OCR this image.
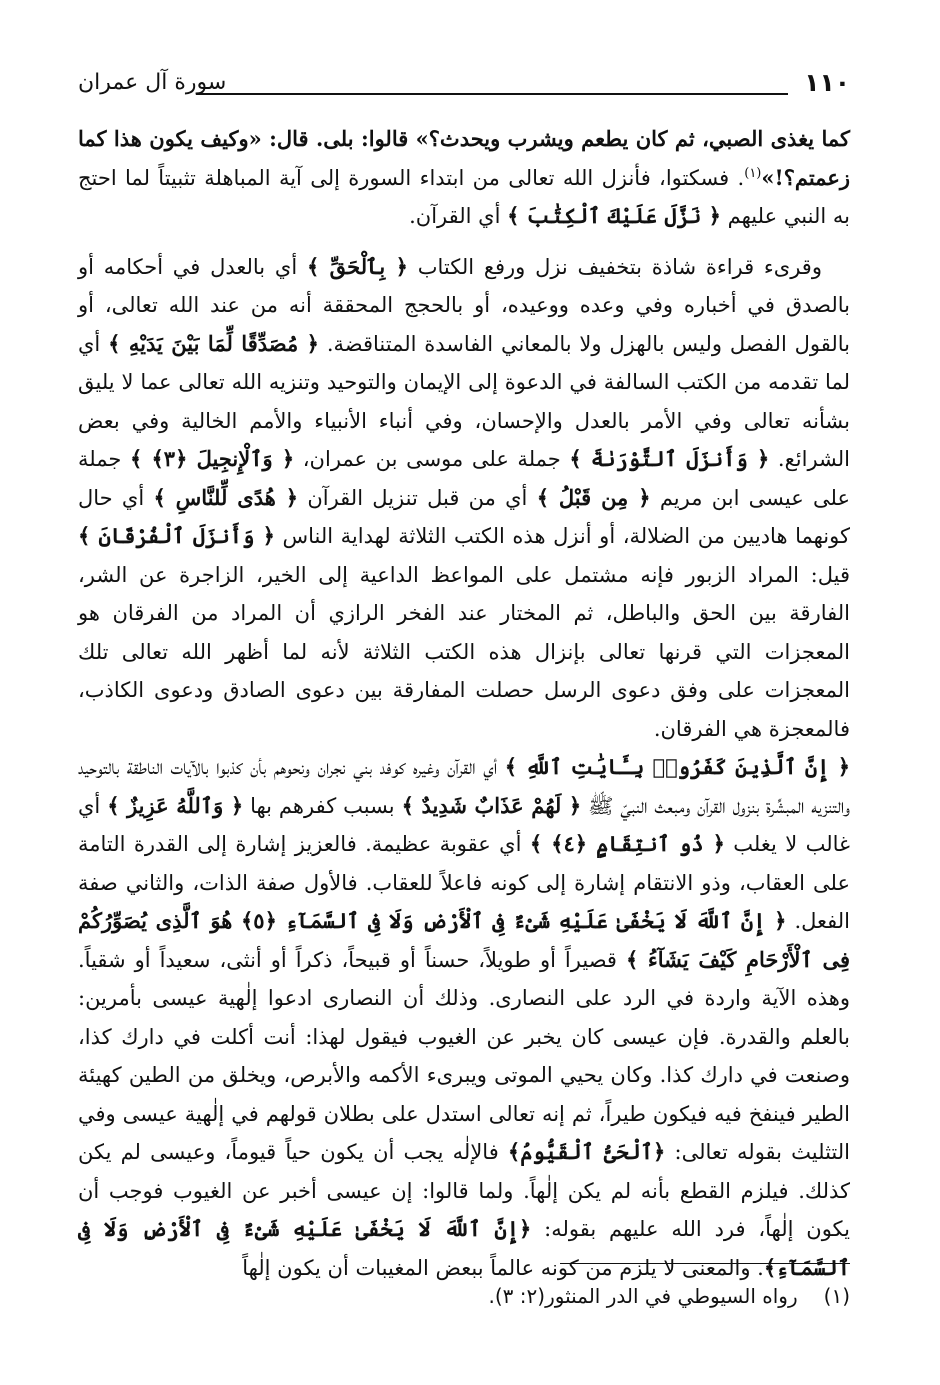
١١٠
سورة آل عمران

كما يغذى الصبي، ثم كان يطعم ويشرب ويحدث؟» قالوا: بلى. قال: «وكيف يكون هذا كما زعمتم؟!»$^{(١)}$. فسكتوا، فأنزل الله تعالى من ابتداء السورة إلى آية المباهلة تثبيتاً لما احتج به النبي عليهم ﴿ نَزَّلَ عَلَيْكَ ٱلْكِتَٰبَ ﴾ أي القرآن.

وقرىء قراءة شاذة بتخفيف نزل ورفع الكتاب ﴿ بِٱلْحَقِّ ﴾ أي بالعدل في أحكامه أو بالصدق في أخباره وفي وعده ووعيده، أو بالحجج المحققة أنه من عند الله تعالى، أو بالقول الفصل وليس بالهزل ولا بالمعاني الفاسدة المتناقضة. ﴿ مُصَدِّقًا لِّمَا بَيْنَ يَدَيْهِ ﴾ أي لما تقدمه من الكتب السالفة في الدعوة إلى الإيمان والتوحيد وتنزيه الله تعالى عما لا يليق بشأنه تعالى وفي الأمر بالعدل والإحسان، وفي أنباء الأنبياء والأمم الخالية وفي بعض الشرائع. ﴿ وَأَنزَلَ ٱلتَّوْرَىٰةَ ﴾ جملة على موسى بن عمران، ﴿ وَٱلْإِنجِيلَ ﴿٣﴾ ﴾ جملة على عيسى ابن مريم ﴿ مِن قَبْلُ ﴾ أي من قبل تنزيل القرآن ﴿ هُدًى لِّلنَّاسِ ﴾ أي حال كونهما هاديين من الضلالة، أو أنزل هذه الكتب الثلاثة لهداية الناس ﴿ وَأَنزَلَ ٱلْفُرْقَانَ ﴾ قيل: المراد الزبور فإنه مشتمل على المواعظ الداعية إلى الخير، الزاجرة عن الشر، الفارقة بين الحق والباطل، ثم المختار عند الفخر الرازي أن المراد من الفرقان هو المعجزات التي قرنها تعالى بإنزال هذه الكتب الثلاثة لأنه لما أظهر الله تعالى تلك المعجزات على وفق دعوى الرسل حصلت المفارقة بين دعوى الصادق ودعوى الكاذب، فالمعجزة هي الفرقان.

﴿ إِنَّ ٱلَّذِينَ كَفَرُوا۟ بِـَٔايَٰتِ ٱللَّهِ ﴾ أي القرآن وغيره كوفد بني نجران ونحوهم بأن كذبوا بالآيات الناطقة بالتوحيد والتنزيه المبشِّرة بنزول القرآن ومبعث النبيّ ﷺ ﴿ لَهُمْ عَذَابٌ شَدِيدٌ ﴾ بسبب كفرهم بها ﴿ وَٱللَّهُ عَزِيزٌ ﴾ أي غالب لا يغلب ﴿ ذُو ٱنتِقَامٍ ﴿٤﴾ ﴾ أي عقوبة عظيمة. فالعزيز إشارة إلى القدرة التامة على العقاب، وذو الانتقام إشارة إلى كونه فاعلاً للعقاب. فالأول صفة الذات، والثاني صفة الفعل. ﴿ إِنَّ ٱللَّهَ لَا يَخْفَىٰ عَلَيْهِ شَىْءٌ فِى ٱلْأَرْضِ وَلَا فِى ٱلسَّمَآءِ ﴿٥﴾ هُوَ ٱلَّذِى يُصَوِّرُكُمْ فِى ٱلْأَرْحَامِ كَيْفَ يَشَآءُ ﴾ قصيراً أو طويلاً، حسناً أو قبيحاً، ذكراً أو أنثى، سعيداً أو شقياً. وهذه الآية واردة في الرد على النصارى. وذلك أن النصارى ادعوا إلٰهية عيسى بأمرين: بالعلم والقدرة. فإن عيسى كان يخبر عن الغيوب فيقول لهذا: أنت أكلت في دارك كذا، وصنعت في دارك كذا. وكان يحيي الموتى ويبرىء الأكمه والأبرص، ويخلق من الطين كهيئة الطير فينفخ فيه فيكون طيراً، ثم إنه تعالى استدل على بطلان قولهم في إلٰهية عيسى وفي التثليث بقوله تعالى: ﴿ٱلْحَىُّ ٱلْقَيُّومُ﴾ فالإلٰه يجب أن يكون حياً قيوماً، وعيسى لم يكن كذلك. فيلزم القطع بأنه لم يكن إلٰهاً. ولما قالوا: إن عيسى أخبر عن الغيوب فوجب أن يكون إلٰهاً، فرد الله عليهم بقوله: ﴿إِنَّ ٱللَّهَ لَا يَخْفَىٰ عَلَيْهِ شَىْءٌ فِى ٱلْأَرْضِ وَلَا فِى ٱلسَّمَآءِ﴾. والمعنى لا يلزم من كونه عالماً ببعض المغيبات أن يكون إلٰهاً

(١)رواه السيوطي في الدر المنثور(٢: ٣).
